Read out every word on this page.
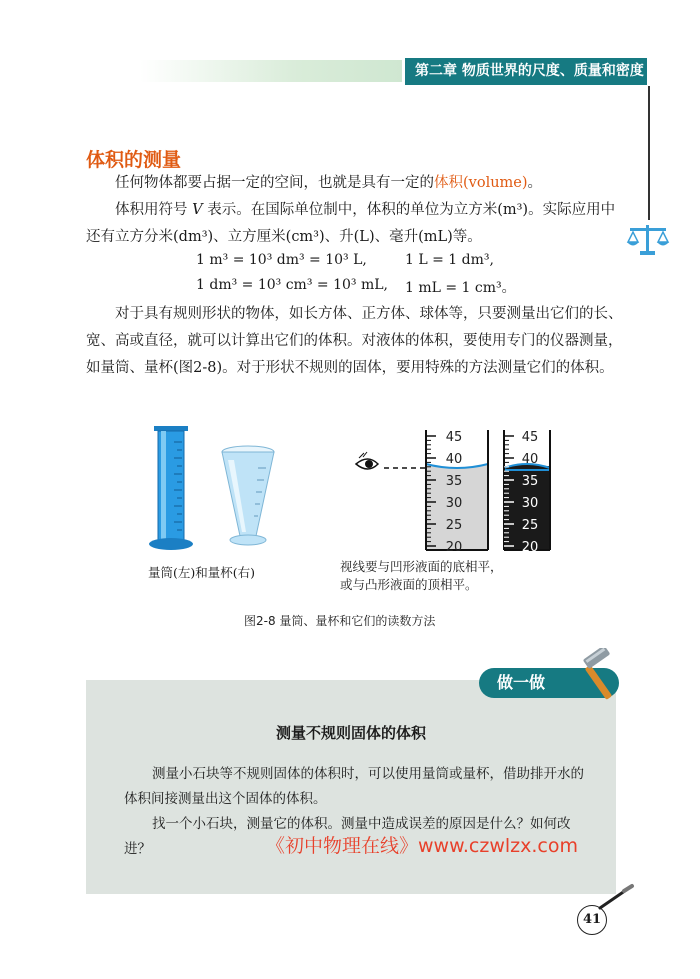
第二章 物质世界的尺度、质量和密度
体积的测量
任何物体都要占据一定的空间，也就是具有一定的体积(volume)。
体积用符号 V 表示。在国际单位制中，体积的单位为立方米(m³)。实际应用中还有立方分米(dm³)、立方厘米(cm³)、升(L)、毫升(mL)等。
1 m³ = 10³ dm³ = 10³ L,	1 L = 1 dm³,
1 dm³ = 10³ cm³ = 10³ mL, 1 mL = 1 cm³。
对于具有规则形状的物体，如长方体、正方体、球体等，只要测量出它们的长、宽、高或直径，就可以计算出它们的体积。对液体的体积，要使用专门的仪器测量，如量筒、量杯(图2-8)。对于形状不规则的固体，要用特殊的方法测量它们的体积。
45
40
35
30
25
20
45
40
35
30
25
20
量筒(左)和量杯(右)	视线要与凹形液面的底相平，
或与凸形液面的顶相平。
图2-8 量筒、量杯和它们的读数方法
做一做
测量不规则固体的体积
测量小石块等不规则固体的体积时，可以使用量筒或量杯，借助排开水的体积间接测量出这个固体的体积。
找一个小石块，测量它的体积。测量中造成误差的原因是什么？如何改进？	《初中物理在线》www.czwlzx.com
41
